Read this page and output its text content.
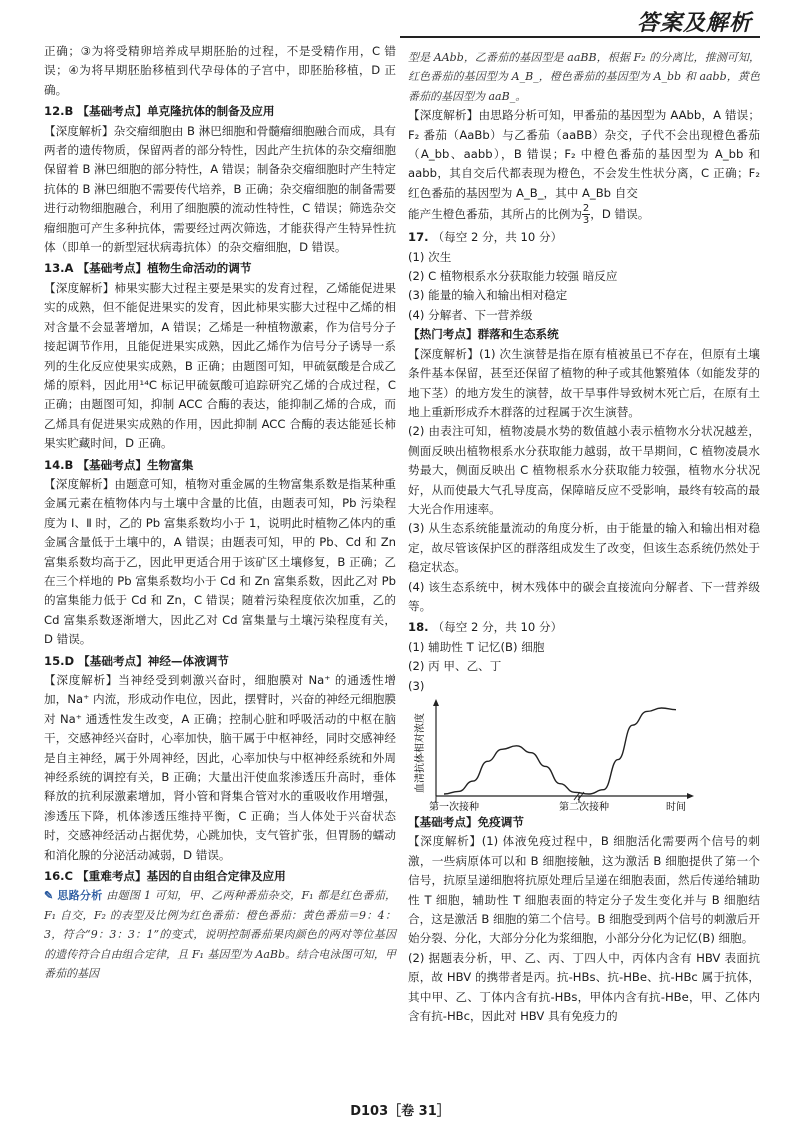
答案及解析

正确；③为将受精卵培养成早期胚胎的过程，不是受精作用，C 错误；④为将早期胚胎移植到代孕母体的子宫中，即胚胎移植，D 正确。

12.B 【基础考点】单克隆抗体的制备及应用

【深度解析】杂交瘤细胞由 B 淋巴细胞和骨髓瘤细胞融合而成，具有两者的遗传物质，保留两者的部分特性，因此产生抗体的杂交瘤细胞保留着 B 淋巴细胞的部分特性，A 错误；制备杂交瘤细胞时产生特定抗体的 B 淋巴细胞不需要传代培养，B 正确；杂交瘤细胞的制备需要进行动物细胞融合，利用了细胞膜的流动性特性，C 错误；筛选杂交瘤细胞可产生多种抗体，需要经过两次筛选，才能获得产生特异性抗体（即单一的新型冠状病毒抗体）的杂交瘤细胞，D 错误。

13.A 【基础考点】植物生命活动的调节

【深度解析】柿果实膨大过程主要是果实的发育过程，乙烯能促进果实的成熟，但不能促进果实的发育，因此柿果实膨大过程中乙烯的相对含量不会显著增加，A 错误；乙烯是一种植物激素，作为信号分子接起调节作用，且能促进果实成熟，因此乙烯作为信号分子诱导一系列的生化反应使果实成熟，B 正确；由题图可知，甲硫氨酸是合成乙烯的原料，因此用¹⁴C 标记甲硫氨酸可追踪研究乙烯的合成过程，C 正确；由题图可知，抑制 ACC 合酶的表达，能抑制乙烯的合成，而乙烯具有促进果实成熟的作用，因此抑制 ACC 合酶的表达能延长柿果实贮藏时间，D 正确。

14.B 【基础考点】生物富集

【深度解析】由题意可知，植物对重金属的生物富集系数是指某种重金属元素在植物体内与土壤中含量的比值，由题表可知，Pb 污染程度为 Ⅰ、Ⅱ 时，乙的 Pb 富集系数均小于 1，说明此时植物乙体内的重金属含量低于土壤中的，A 错误；由题表可知，甲的 Pb、Cd 和 Zn 富集系数均高于乙，因此甲更适合用于该矿区土壤修复，B 正确；乙在三个样地的 Pb 富集系数均小于 Cd 和 Zn 富集系数，因此乙对 Pb 的富集能力低于 Cd 和 Zn，C 错误；随着污染程度依次加重，乙的 Cd 富集系数逐渐增大，因此乙对 Cd 富集量与土壤污染程度有关，D 错误。

15.D 【基础考点】神经—体液调节

【深度解析】当神经受到刺激兴奋时，细胞膜对 Na⁺ 的通透性增加，Na⁺ 内流，形成动作电位，因此，摆臂时，兴奋的神经元细胞膜对 Na⁺ 通透性发生改变，A 正确；控制心脏和呼吸活动的中枢在脑干，交感神经兴奋时，心率加快，脑干属于中枢神经，同时交感神经是自主神经，属于外周神经，因此，心率加快与中枢神经系统和外周神经系统的调控有关，B 正确；大量出汗使血浆渗透压升高时，垂体释放的抗利尿激素增加，肾小管和肾集合管对水的重吸收作用增强，渗透压下降，机体渗透压维持平衡，C 正确；当人体处于兴奋状态时，交感神经活动占据优势，心跳加快，支气管扩张，但胃肠的蠕动和消化腺的分泌活动减弱，D 错误。

16.C 【重难考点】基因的自由组合定律及应用

✎ 思路分析 由题图 1 可知，甲、乙两种番茄杂交，F₁ 都是红色番茄，F₁ 自交，F₂ 的表型及比例为红色番茄：橙色番茄：黄色番茄＝9：4：3，符合“9：3：3：1”的变式，说明控制番茄果肉颜色的两对等位基因的遗传符合自由组合定律，且 F₁ 基因型为 AaBb。结合电泳图可知，甲番茄的基因

型是 AAbb，乙番茄的基因型是 aaBB，根据 F₂ 的分离比，推测可知，红色番茄的基因型为 A_B_，橙色番茄的基因型为 A_bb 和 aabb，黄色番茄的基因型为 aaB_。

【深度解析】由思路分析可知，甲番茄的基因型为 AAbb，A 错误；F₂ 番茄（AaBb）与乙番茄（aaBB）杂交，子代不会出现橙色番茄（A_bb、aabb），B 错误；F₂ 中橙色番茄的基因型为 A_bb 和 aabb，其自交后代都表现为橙色，不会发生性状分离，C 正确；F₂ 红色番茄的基因型为 A_B_，其中 A_Bb 自交

能产生橙色番茄，其所占的比例为 $\frac{2}{3}$ ，D 错误。

17. （每空 2 分，共 10 分）

(1) 次生

(2) C 植物根系水分获取能力较强 暗反应

(3) 能量的输入和输出相对稳定

(4) 分解者、下一营养级

【热门考点】群落和生态系统

【深度解析】(1) 次生演替是指在原有植被虽已不存在，但原有土壤条件基本保留，甚至还保留了植物的种子或其他繁殖体（如能发芽的地下茎）的地方发生的演替，故干旱事件导致树木死亡后，在原有土地上重新形成乔木群落的过程属于次生演替。

(2) 由表注可知，植物凌晨水势的数值越小表示植物水分状况越差，侧面反映出植物根系水分获取能力越弱，故干旱期间，C 植物凌晨水势最大，侧面反映出 C 植物根系水分获取能力较强，植物水分状况好，从而使最大气孔导度高，保障暗反应不受影响，最终有较高的最大光合作用速率。

(3) 从生态系统能量流动的角度分析，由于能量的输入和输出相对稳定，故尽管该保护区的群落组成发生了改变，但该生态系统仍然处于稳定状态。

(4) 该生态系统中，树木残体中的碳会直接流向分解者、下一营养级等。

18. （每空 2 分，共 10 分）

(1) 辅助性 T 记忆(B) 细胞

(2) 丙 甲、乙、丁

(3)

血清抗体相对浓度
第一次接种	第二次接种	时间

【基础考点】免疫调节

【深度解析】(1) 体液免疫过程中，B 细胞活化需要两个信号的刺激，一些病原体可以和 B 细胞接触，这为激活 B 细胞提供了第一个信号，抗原呈递细胞将抗原处理后呈递在细胞表面，然后传递给辅助性 T 细胞，辅助性 T 细胞表面的特定分子发生变化并与 B 细胞结合，这是激活 B 细胞的第二个信号。B 细胞受到两个信号的刺激后开始分裂、分化，大部分分化为浆细胞，小部分分化为记忆(B) 细胞。

(2) 据题表分析，甲、乙、丙、丁四人中，丙体内含有 HBV 表面抗原，故 HBV 的携带者是丙。抗-HBs、抗-HBe、抗-HBc 属于抗体，其中甲、乙、丁体内含有抗-HBs，甲体内含有抗-HBe，甲、乙体内含有抗-HBc，因此对 HBV 具有免疫力的

D103［卷 31］
